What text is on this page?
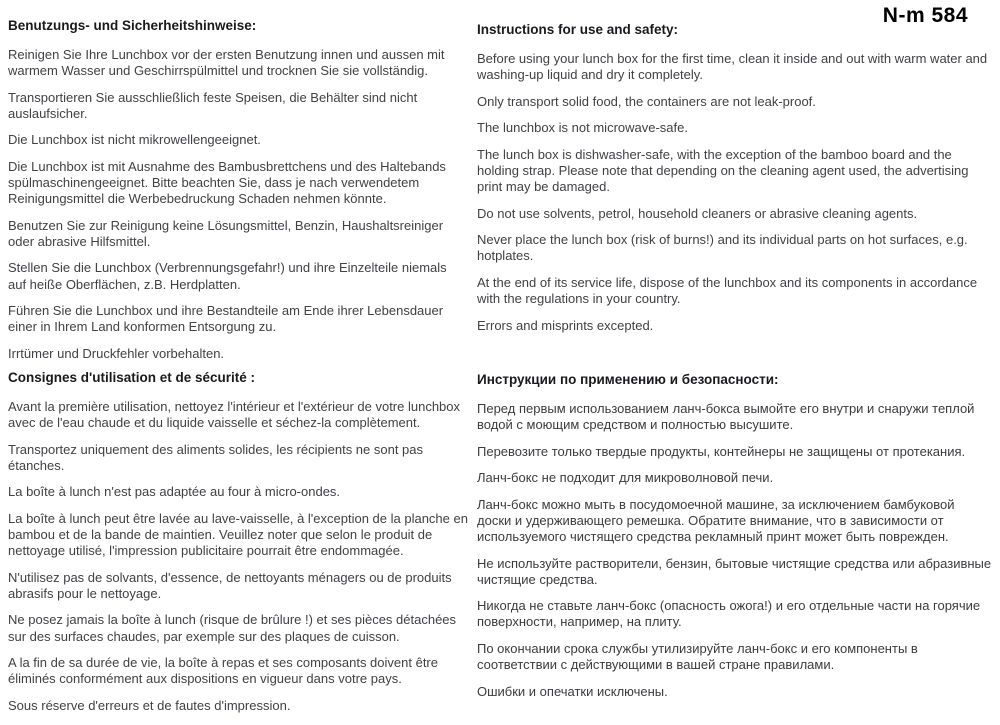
N-m 584
Benutzungs- und Sicherheitshinweise:

Reinigen Sie Ihre Lunchbox vor der ersten Benutzung innen und aussen mit warmem Wasser und Geschirrspülmittel und trocknen Sie sie vollständig.

Transportieren Sie ausschließlich feste Speisen, die Behälter sind nicht auslaufsicher.

Die Lunchbox ist nicht mikrowellengeeignet.

Die Lunchbox ist mit Ausnahme des Bambusbrettchens und des Haltebands spülmaschinengeeignet. Bitte beachten Sie, dass je nach verwendetem Reinigungsmittel die Werbebedruckung Schaden nehmen könnte.

Benutzen Sie zur Reinigung keine Lösungsmittel, Benzin, Haushaltsreiniger oder abrasive Hilfsmittel.

Stellen Sie die Lunchbox (Verbrennungsgefahr!) und ihre Einzelteile niemals auf heiße Oberflächen, z.B. Herdplatten.

Führen Sie die Lunchbox und ihre Bestandteile am Ende ihrer Lebensdauer einer in Ihrem Land konformen Entsorgung zu.

Irrtümer und Druckfehler vorbehalten.

Instructions for use and safety:

Before using your lunch box for the first time, clean it inside and out with warm water and washing-up liquid and dry it completely.

Only transport solid food, the containers are not leak-proof.

The lunchbox is not microwave-safe.

The lunch box is dishwasher-safe, with the exception of the bamboo board and the holding strap. Please note that depending on the cleaning agent used, the advertising print may be damaged.

Do not use solvents, petrol, household cleaners or abrasive cleaning agents.

Never place the lunch box (risk of burns!) and its individual parts on hot surfaces, e.g. hotplates.

At the end of its service life, dispose of the lunchbox and its components in accordance with the regulations in your country.

Errors and misprints excepted.

Consignes d'utilisation et de sécurité :

Avant la première utilisation, nettoyez l'intérieur et l'extérieur de votre lunchbox avec de l'eau chaude et du liquide vaisselle et séchez-la complètement.

Transportez uniquement des aliments solides, les récipients ne sont pas étanches.

La boîte à lunch n'est pas adaptée au four à micro-ondes.

La boîte à lunch peut être lavée au lave-vaisselle, à l'exception de la planche en bambou et de la bande de maintien. Veuillez noter que selon le produit de nettoyage utilisé, l'impression publicitaire pourrait être endommagée.

N'utilisez pas de solvants, d'essence, de nettoyants ménagers ou de produits abrasifs pour le nettoyage.

Ne posez jamais la boîte à lunch (risque de brûlure !) et ses pièces détachées sur des surfaces chaudes, par exemple sur des plaques de cuisson.

A la fin de sa durée de vie, la boîte à repas et ses composants doivent être éliminés conformément aux dispositions en vigueur dans votre pays.

Sous réserve d'erreurs et de fautes d'impression.

Инструкции по применению и безопасности:

Перед первым использованием ланч-бокса вымойте его внутри и снаружи теплой водой с моющим средством и полностью высушите.

Перевозите только твердые продукты, контейнеры не защищены от протекания.

Ланч-бокс не подходит для микроволновой печи.

Ланч-бокс можно мыть в посудомоечной машине, за исключением бамбуковой доски и удерживающего ремешка. Обратите внимание, что в зависимости от используемого чистящего средства рекламный принт может быть поврежден.

Не используйте растворители, бензин, бытовые чистящие средства или абразивные чистящие средства.

Никогда не ставьте ланч-бокс (опасность ожога!) и его отдельные части на горячие поверхности, например, на плиту.

По окончании срока службы утилизируйте ланч-бокс и его компоненты в соответствии с действующими в вашей стране правилами.

Ошибки и опечатки исключены.
